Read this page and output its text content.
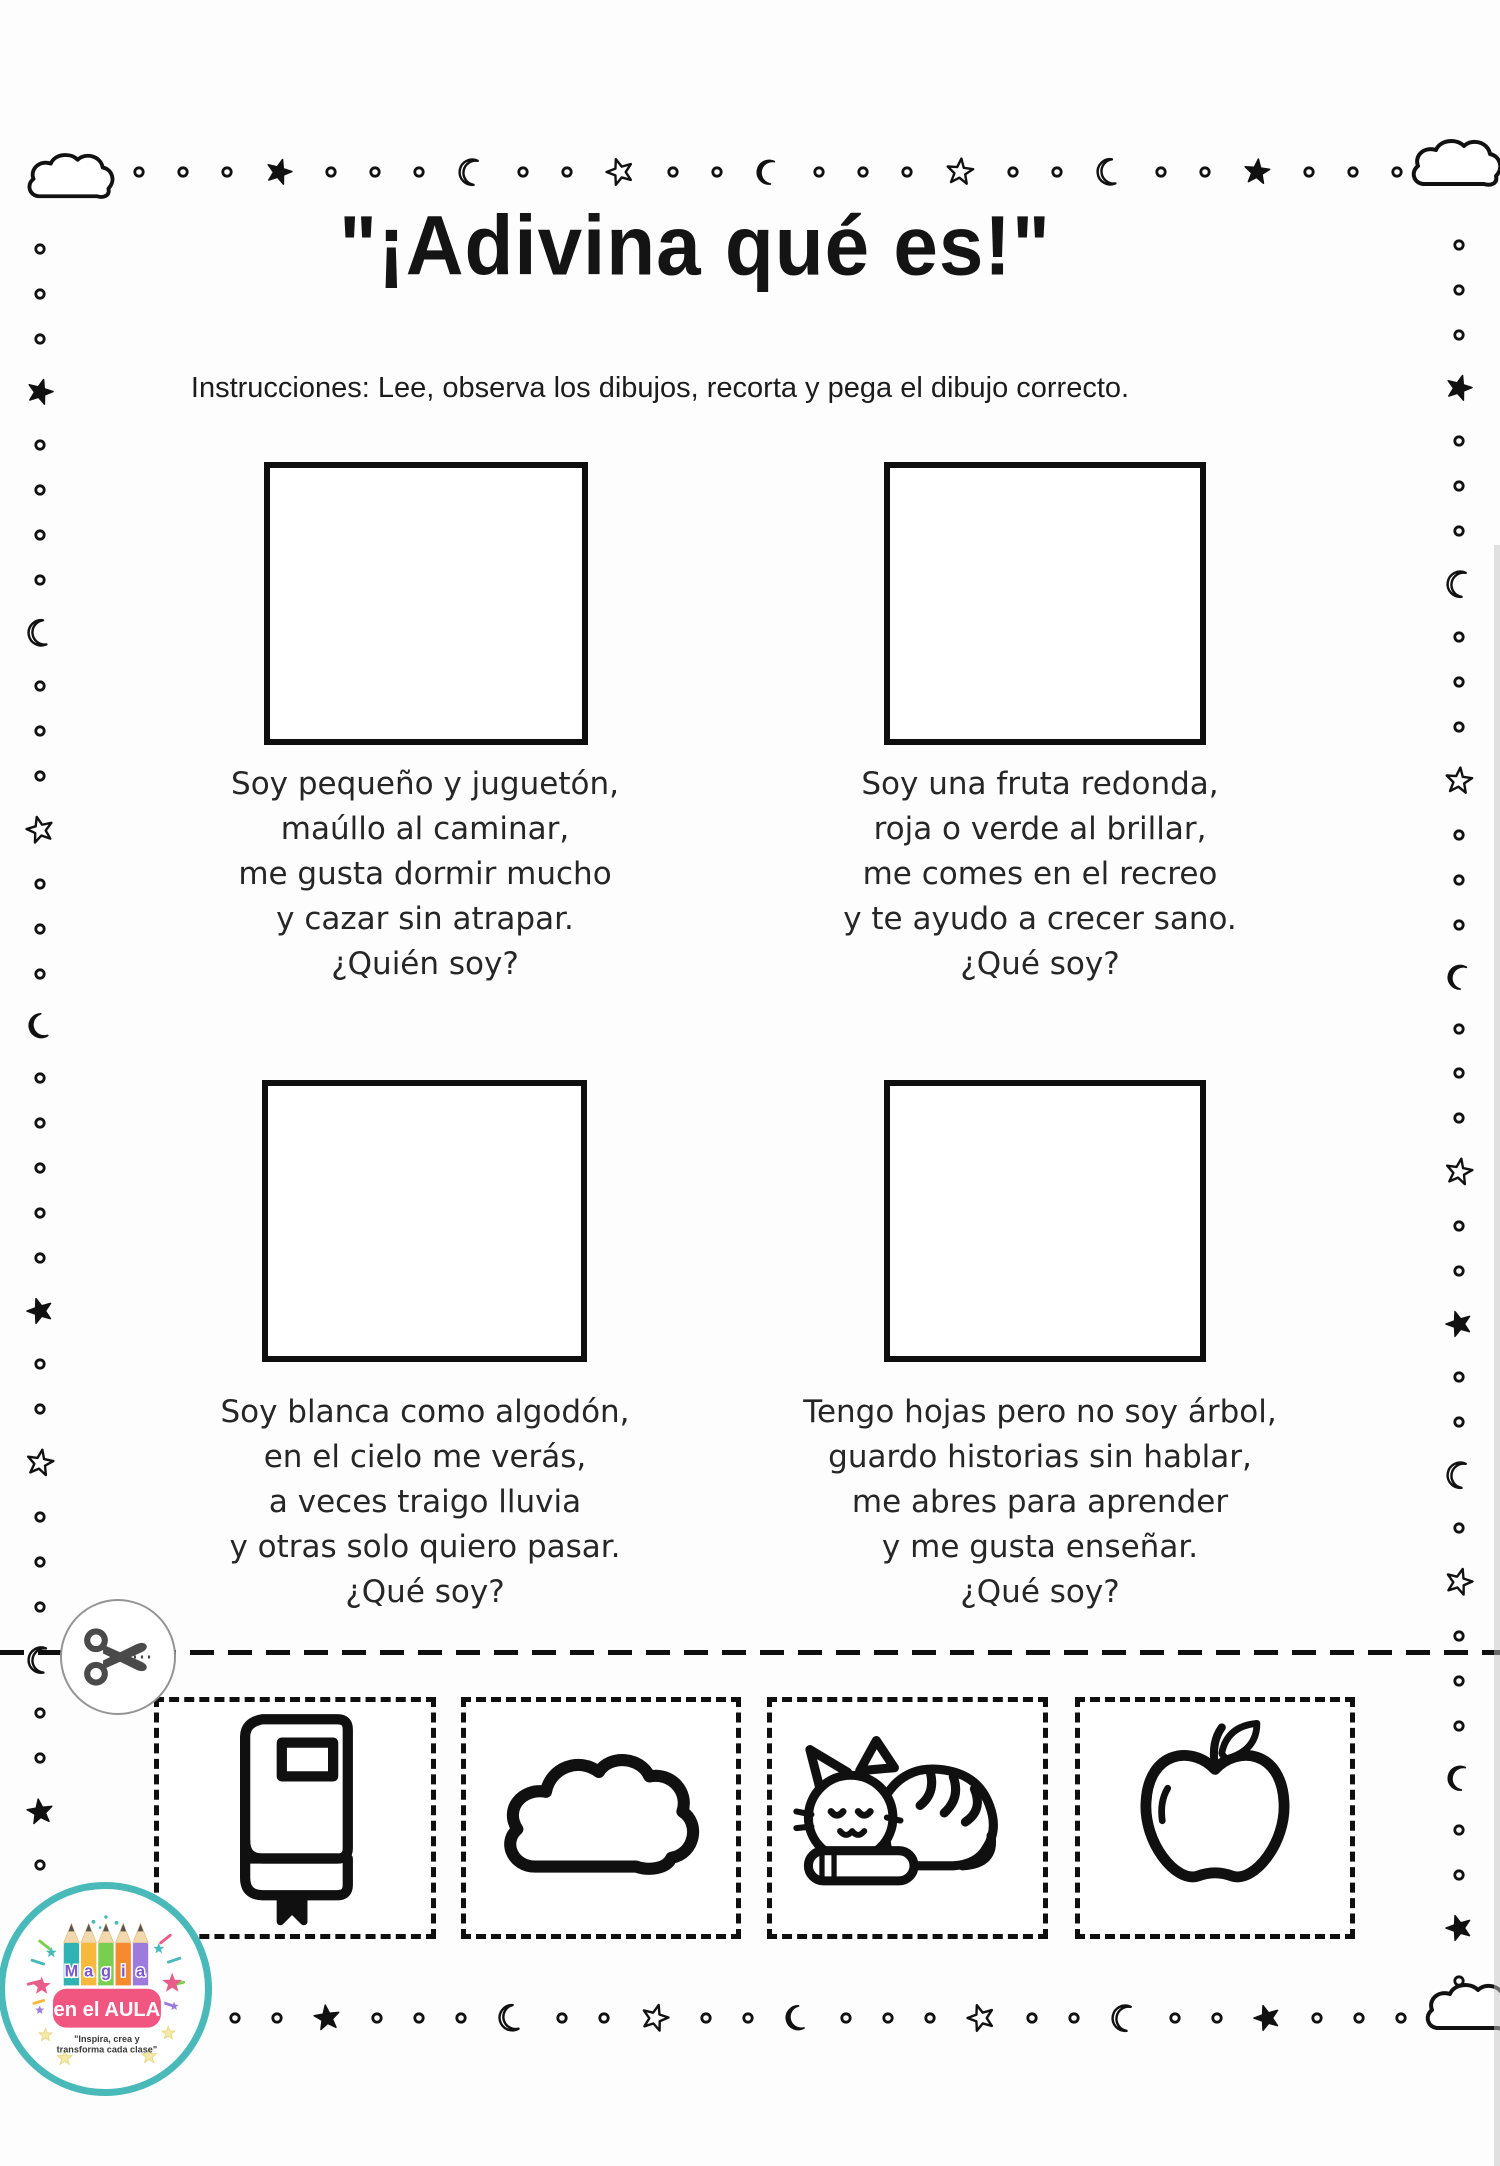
"¡Adivina qué es!"
Instrucciones: Lee, observa los dibujos, recorta y pega el dibujo correcto.
Soy pequeño y juguetón,
maúllo al caminar,
me gusta dormir mucho
y cazar sin atrapar.
¿Quién soy?
Soy una fruta redonda,
roja o verde al brillar,
me comes en el recreo
y te ayudo a crecer sano.
¿Qué soy?
Soy blanca como algodón,
en el cielo me verás,
a veces traigo lluvia
y otras solo quiero pasar.
¿Qué soy?
Tengo hojas pero no soy árbol,
guardo historias sin hablar,
me abres para aprender
y me gusta enseñar.
¿Qué soy?
M a g i a
en el AULA
"Inspira, crea y
transforma cada clase"
